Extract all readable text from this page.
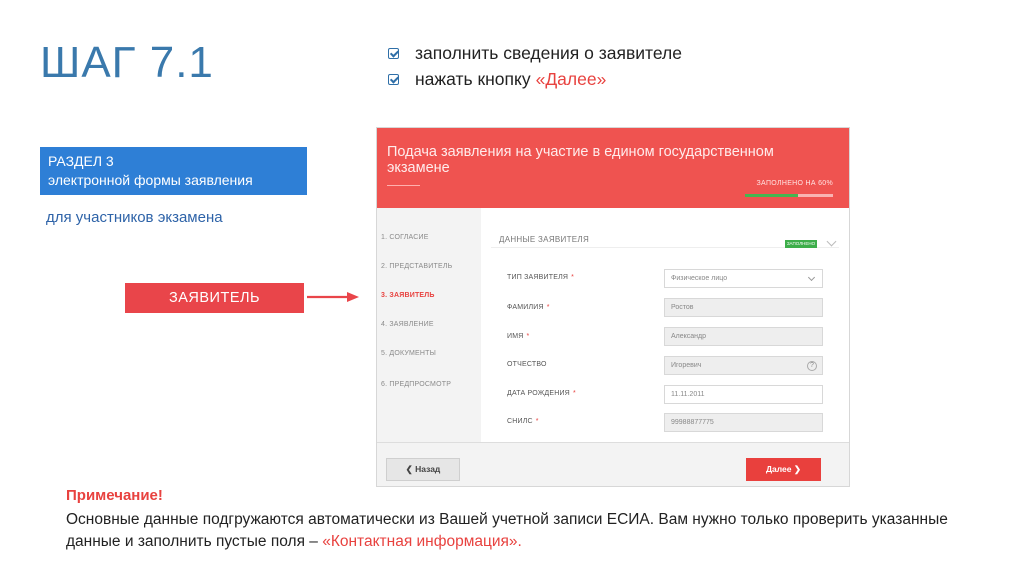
ШАГ 7.1	заполнить сведения о заявителе
нажать кнопку «Далее»
РАЗДЕЛ 3
электронной формы заявления
для участников экзамена
ЗАЯВИТЕЛЬ
Подача заявления на участие в едином государственном экзамене
ЗАПОЛНЕНО НА 60%
1. СОГЛАСИЕ
2. ПРЕДСТАВИТЕЛЬ
3. ЗАЯВИТЕЛЬ
4. ЗАЯВЛЕНИЕ
5. ДОКУМЕНТЫ
6. ПРЕДПРОСМОТР
ДАННЫЕ ЗАЯВИТЕЛЯ	ЗАПОЛНЕНО
ТИП ЗАЯВИТЕЛЯ *	Физическое лицо
ФАМИЛИЯ *	Ростов
ИМЯ *	Александр
ОТЧЕСТВО	Игоревич	?
ДАТА РОЖДЕНИЯ *	11.11.2011
СНИЛС *	99988877775
❮ Назад	Далее ❯
Примечание!
Основные данные подгружаются автоматически из Вашей учетной записи ЕСИА. Вам нужно только проверить указанные данные и заполнить пустые поля – «Контактная информация».
